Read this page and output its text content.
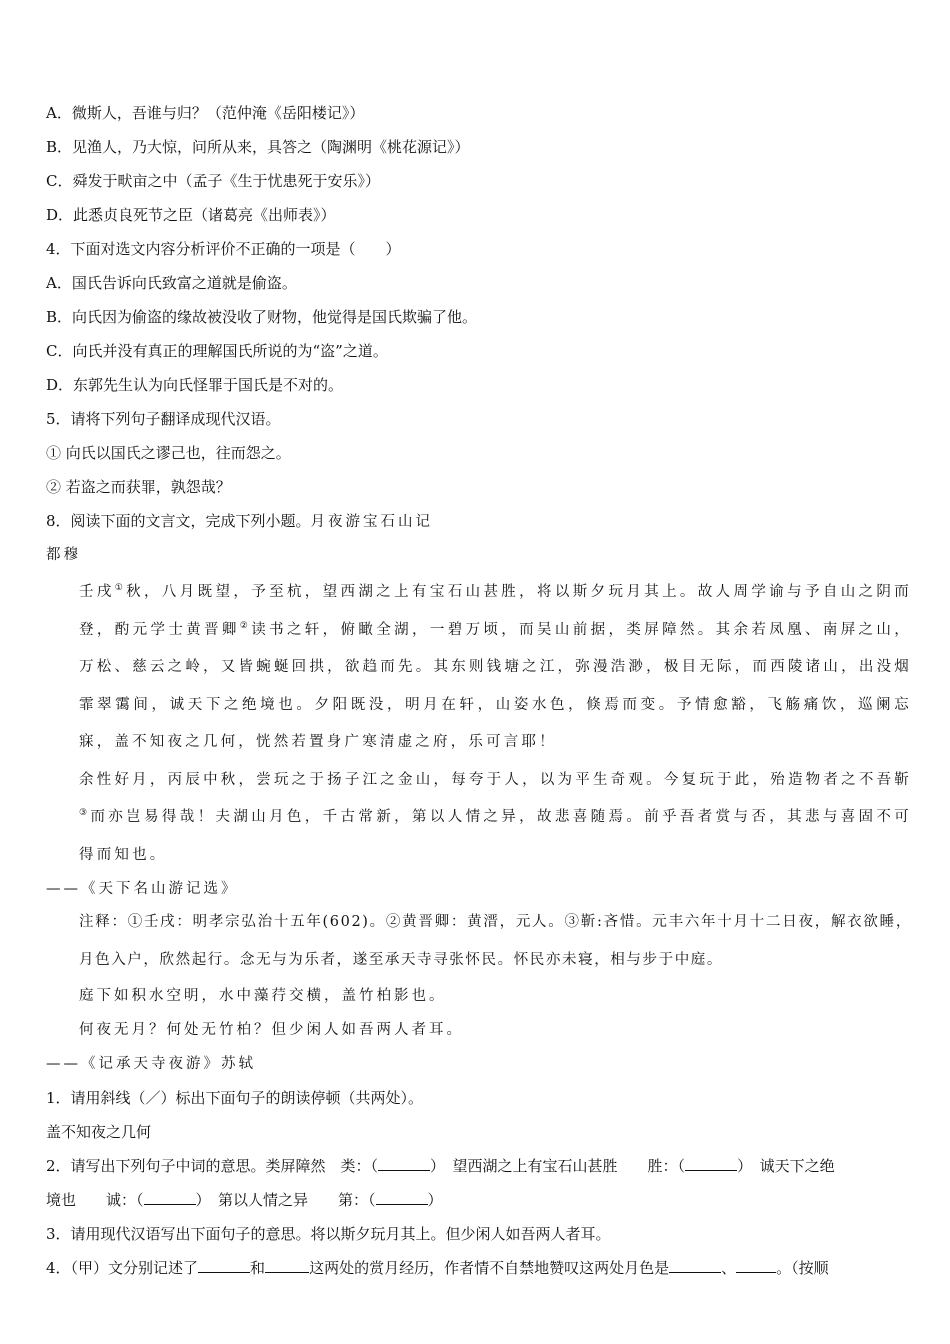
A．微斯人，吾谁与归？（范仲淹《岳阳楼记》）
B．见渔人，乃大惊，问所从来，具答之（陶渊明《桃花源记》）
C．舜发于畎亩之中（孟子《生于忧患死于安乐》）
D．此悉贞良死节之臣（诸葛亮《出师表》）
4．下面对选文内容分析评价不正确的一项是（　　）
A．国氏告诉向氏致富之道就是偷盗。
B．向氏因为偷盗的缘故被没收了财物，他觉得是国氏欺骗了他。
C．向氏并没有真正的理解国氏所说的为“盗”之道。
D．东郭先生认为向氏怪罪于国氏是不对的。
5．请将下列句子翻译成现代汉语。
① 向氏以国氏之谬己也，往而怨之。
② 若盗之而获罪，孰怨哉？
8．阅读下面的文言文，完成下列小题。月夜游宝石山记
都穆
壬戌①秋，八月既望，予至杭，望西湖之上有宝石山甚胜，将以斯夕玩月其上。故人周学谕与予自山之阴而登，酌元学士黄晋卿②读书之轩，俯瞰全湖，一碧万顷，而吴山前据，类屏障然。其余若凤凰、南屏之山，万松、慈云之岭，又皆蜿蜒回拱，欲趋而先。其东则钱塘之江，弥漫浩渺，极目无际，而西陵诸山，出没烟霏翠霭间，诚天下之绝境也。夕阳既没，明月在轩，山姿水色，倏焉而变。予情愈豁，飞觞痛饮，巡阑忘寐，盖不知夜之几何，恍然若置身广寒清虚之府，乐可言耶！
余性好月，丙辰中秋，尝玩之于扬子江之金山，每夸于人，以为平生奇观。今复玩于此，殆造物者之不吾靳③而亦岂易得哉！夫湖山月色，千古常新，第以人情之异，故悲喜随焉。前乎吾者赏与否，其悲与喜固不可得而知也。
——《天下名山游记选》
注释：①壬戌：明孝宗弘治十五年(602)。②黄晋卿：黄溍，元人。③靳:吝惜。元丰六年十月十二日夜，解衣欲睡，月色入户，欣然起行。念无与为乐者，遂至承天寺寻张怀民。怀民亦未寝，相与步于中庭。
庭下如积水空明，水中藻荇交横，盖竹柏影也。
何夜无月？何处无竹柏？但少闲人如吾两人者耳。
——《记承天寺夜游》苏轼
1．请用斜线（／）标出下面句子的朗读停顿（共两处）。
盖不知夜之几何
2．请写出下列句子中词的意思。类屏障然　类：（	）　望西湖之上有宝石山甚胜　　胜：（	）　诚天下之绝
境也　　诚：（	）　第以人情之异　　第：（	）
3．请用现代汉语写出下面句子的意思。将以斯夕玩月其上。但少闲人如吾两人者耳。
4．（甲）文分别记述了	和	这两处的赏月经历，作者情不自禁地赞叹这两处月色是	、	。（按顺
